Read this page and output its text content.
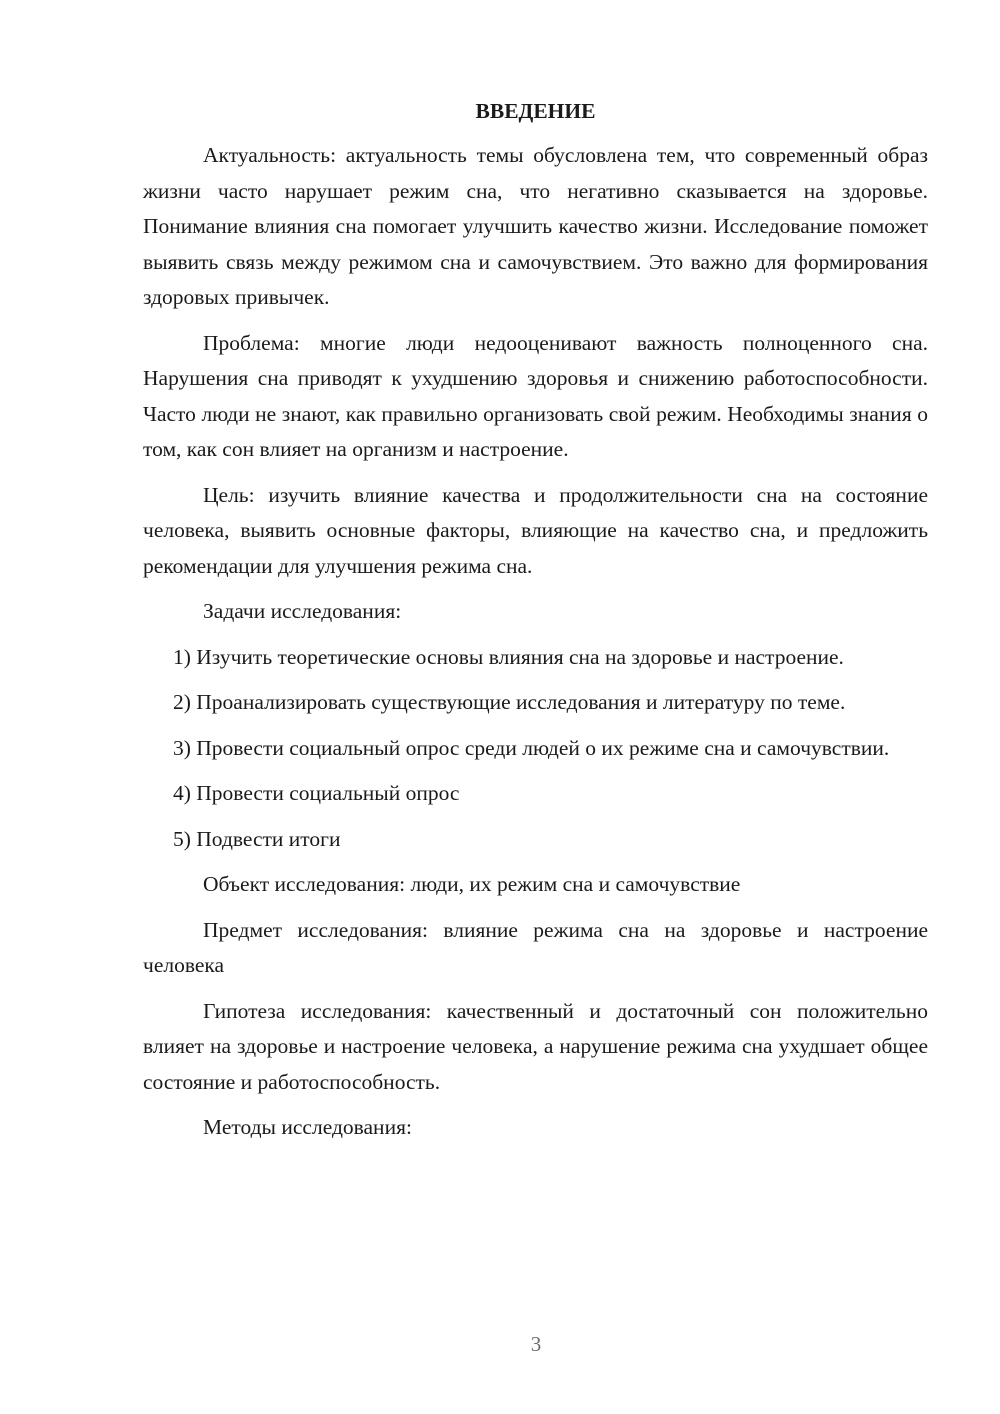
ВВЕДЕНИЕ

Актуальность: актуальность темы обусловлена тем, что современный образ жизни часто нарушает режим сна, что негативно сказывается на здоровье. Понимание влияния сна помогает улучшить качество жизни. Исследование поможет выявить связь между режимом сна и самочувствием. Это важно для формирования здоровых привычек.

Проблема: многие люди недооценивают важность полноценного сна. Нарушения сна приводят к ухудшению здоровья и снижению работоспособности. Часто люди не знают, как правильно организовать свой режим. Необходимы знания о том, как сон влияет на организм и настроение.

Цель: изучить влияние качества и продолжительности сна на состояние человека, выявить основные факторы, влияющие на качество сна, и предложить рекомендации для улучшения режима сна.

Задачи исследования:

1) Изучить теоретические основы влияния сна на здоровье и настроение.

2) Проанализировать существующие исследования и литературу по теме.

3) Провести социальный опрос среди людей о их режиме сна и самочувствии.

4) Провести социальный опрос

5) Подвести итоги

Объект исследования: люди, их режим сна и самочувствие

Предмет исследования: влияние режима сна на здоровье и настроение человека

Гипотеза исследования: качественный и достаточный сон положительно влияет на здоровье и настроение человека, а нарушение режима сна ухудшает общее состояние и работоспособность.

Методы исследования:

3
